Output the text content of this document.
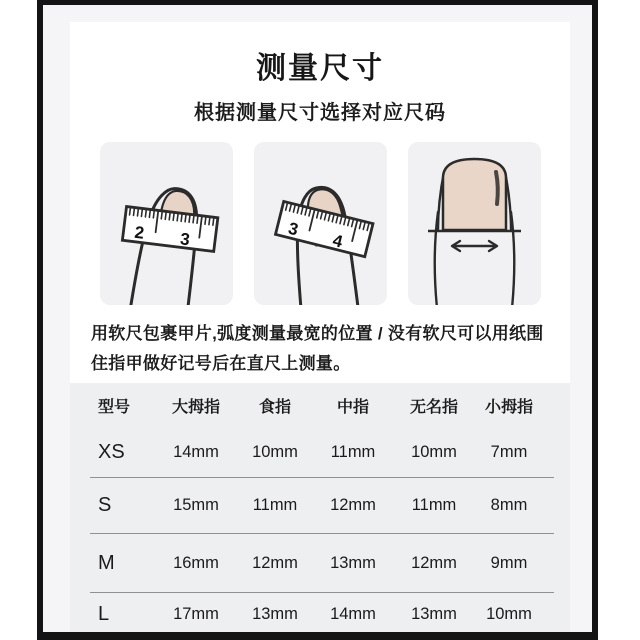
测量尺寸
根据测量尺寸选择对应尺码
2 3	3
4

用软尺包裹甲片,弧度测量最宽的位置 / 没有软尺可以用纸围
住指甲做好记号后在直尺上测量。

型号	大拇指 食指	中指	无名指 小拇指
XS	14mm 10mm 11mm 10mm 7mm
S	15mm 11mm 12mm 11mm 8mm
M	16mm 12mm 13mm 12mm 9mm
L	17mm 13mm 14mm 13mm 10mm
